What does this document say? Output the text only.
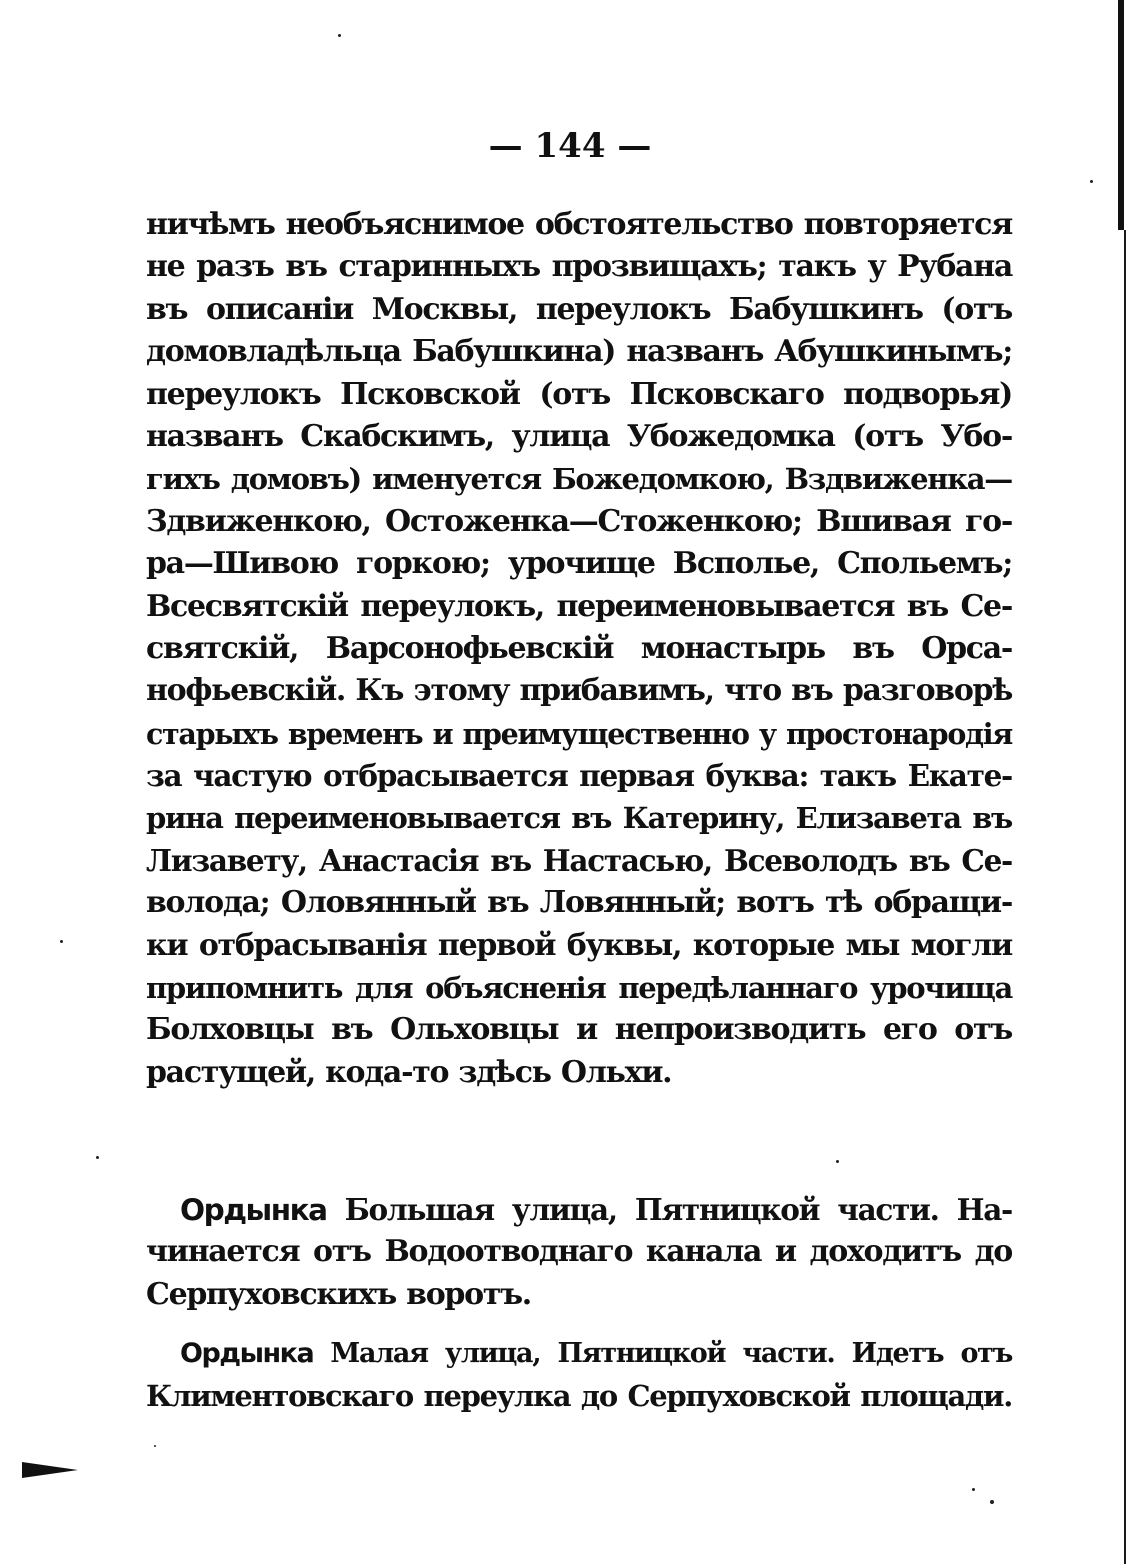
— 144 —
ничѣмъ необъяснимое обстоятельство повторяется
не разъ въ старинныхъ прозвищахъ; такъ у Рубана
въ описаніи Москвы, переулокъ Бабушкинъ (отъ
домовладѣльца Бабушкина) названъ Абушкинымъ;
переулокъ Псковской (отъ Псковскаго подворья)
названъ Скабскимъ, улица Убожедомка (отъ Убо-
гихъ домовъ) именуется Божедомкою, Вздвиженка—
Здвиженкою, Остоженка—Стоженкою; Вшивая го-
ра—Шивою горкою; урочище Всполье, Спольемъ;
Всесвятскій переулокъ, переименовывается въ Се-
святскій, Варсонофьевскій монастырь въ Орса-
нофьевскій. Къ этому прибавимъ, что въ разговорѣ
старыхъ временъ и преимущественно у простонародія
за частую отбрасывается первая буква: такъ Екате-
рина переименовывается въ Катерину, Елизавета въ
Лизавету, Анастасія въ Настасью, Всеволодъ въ Се-
волода; Оловянный въ Ловянный; вотъ тѣ обращи-
ки отбрасыванія первой буквы, которые мы могли
припомнить для объясненія передѣланнаго урочища
Болховцы въ Ольховцы и непроизводить его отъ
растущей, кода-то здѣсь Ольхи.
Ордынка Большая улица, Пятницкой части. На-
чинается отъ Водоотводнаго канала и доходитъ до
Серпуховскихъ воротъ.
Ордынка Малая улица, Пятницкой части. Идетъ отъ
Климентовскаго переулка до Серпуховской площади.
